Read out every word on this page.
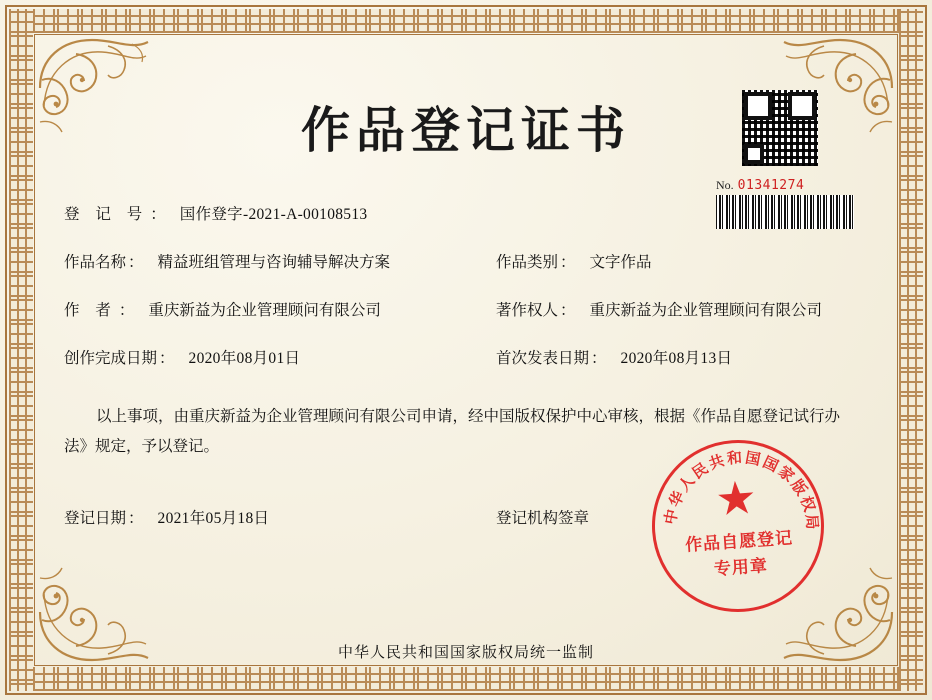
作品登记证书
No. 01341274
登 记 号 ： 国作登字-2021-A-00108513
作品名称 ： 精益班组管理与咨询辅导解决方案	作品类别 ： 文字作品
作 者 ： 重庆新益为企业管理顾问有限公司	著作权人 ： 重庆新益为企业管理顾问有限公司
创作完成日期 ： 2020年08月01日	首次发表日期 ： 2020年08月13日

以上事项，由重庆新益为企业管理顾问有限公司申请，经中国版权保护中心审核，根据《作品自愿登记试行办法》规定，予以登记。

登记日期 ： 2021年05月18日	登记机构签章	中华人民共和国国家版权局
★
作品自愿登记
专用章
中华人民共和国国家版权局统一监制
